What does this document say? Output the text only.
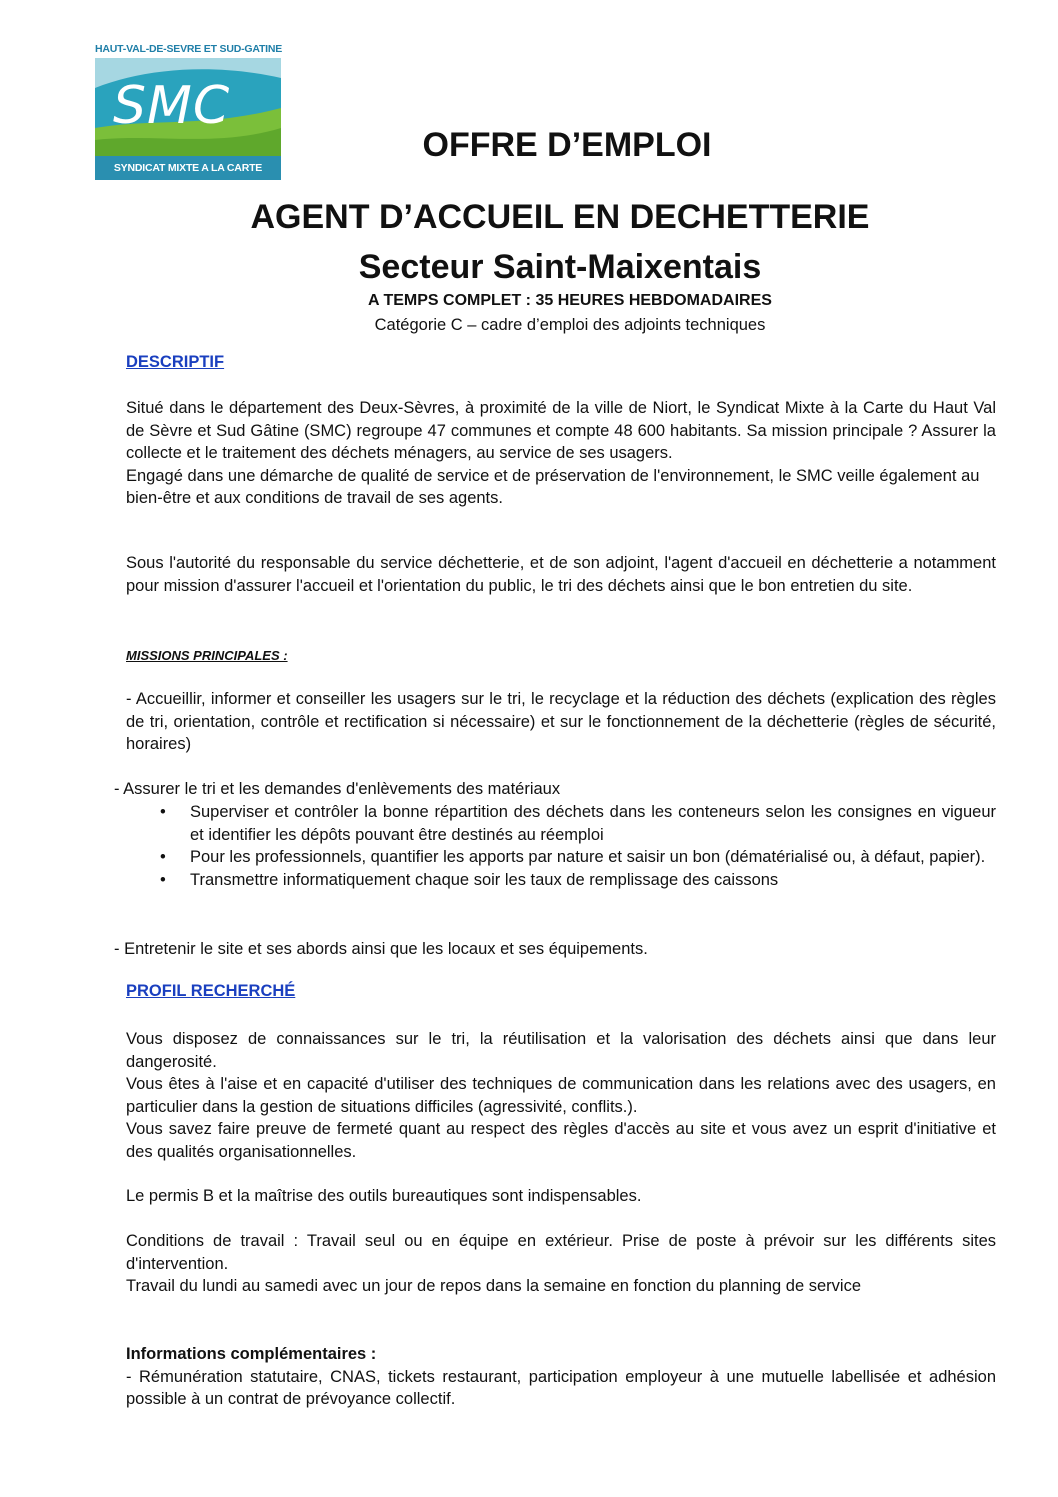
HAUT-VAL-DE-SEVRE ET SUD-GATINE
SMC
SYNDICAT MIXTE A LA CARTE
OFFRE D’EMPLOI
AGENT D’ACCUEIL EN DECHETTERIE
Secteur Saint-Maixentais
A TEMPS COMPLET : 35 HEURES HEBDOMADAIRES
Catégorie C – cadre d’emploi des adjoints techniques
DESCRIPTIF

Situé dans le département des Deux-Sèvres, à proximité de la ville de Niort, le Syndicat Mixte à la Carte du Haut Val de Sèvre et Sud Gâtine (SMC) regroupe 47 communes et compte 48 600 habitants. Sa mission principale ? Assurer la collecte et le traitement des déchets ménagers, au service de ses usagers.

Engagé dans une démarche de qualité de service et de préservation de l'environnement, le SMC veille également au bien-être et aux conditions de travail de ses agents.

Sous l'autorité du responsable du service déchetterie, et de son adjoint, l'agent d'accueil en déchetterie a notamment pour mission d'assurer l'accueil et l'orientation du public, le tri des déchets ainsi que le bon entretien du site.

MISSIONS PRINCIPALES :

- Accueillir, informer et conseiller les usagers sur le tri, le recyclage et la réduction des déchets (explication des règles de tri, orientation, contrôle et rectification si nécessaire) et sur le fonctionnement de la déchetterie (règles de sécurité, horaires)

- Assurer le tri et les demandes d'enlèvements des matériaux
• Superviser et contrôler la bonne répartition des déchets dans les conteneurs selon les consignes en vigueur et identifier les dépôts pouvant être destinés au réemploi
• Pour les professionnels, quantifier les apports par nature et saisir un bon (dématérialisé ou, à défaut, papier).
• Transmettre informatiquement chaque soir les taux de remplissage des caissons
- Entretenir le site et ses abords ainsi que les locaux et ses équipements.
PROFIL RECHERCHÉ

Vous disposez de connaissances sur le tri, la réutilisation et la valorisation des déchets ainsi que dans leur dangerosité.

Vous êtes à l'aise et en capacité d'utiliser des techniques de communication dans les relations avec des usagers, en particulier dans la gestion de situations difficiles (agressivité, conflits.).

Vous savez faire preuve de fermeté quant au respect des règles d'accès au site et vous avez un esprit d'initiative et des qualités organisationnelles.

Le permis B et la maîtrise des outils bureautiques sont indispensables.

Conditions de travail : Travail seul ou en équipe en extérieur. Prise de poste à prévoir sur les différents sites d'intervention.

Travail du lundi au samedi avec un jour de repos dans la semaine en fonction du planning de service

Informations complémentaires :

- Rémunération statutaire, CNAS, tickets restaurant, participation employeur à une mutuelle labellisée et adhésion possible à un contrat de prévoyance collectif.
